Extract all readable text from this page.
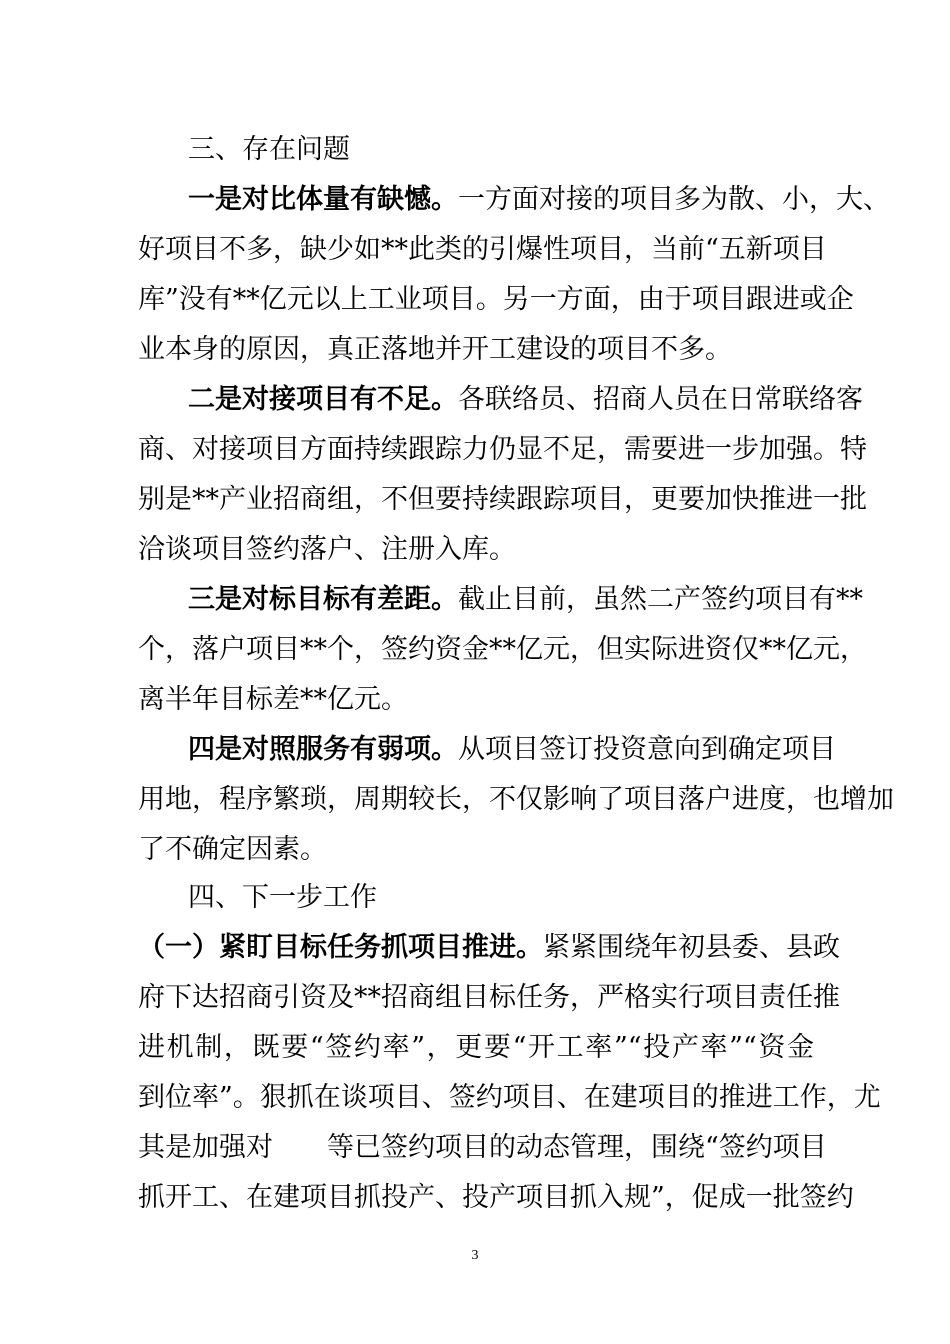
三、存在问题
一是对比体量有缺憾。一方面对接的项目多为散、小，大、
好项目不多，缺少如**此类的引爆性项目，当前“五新项目
库”没有**亿元以上工业项目。另一方面，由于项目跟进或企
业本身的原因，真正落地并开工建设的项目不多。
二是对接项目有不足。各联络员、招商人员在日常联络客
商、对接项目方面持续跟踪力仍显不足，需要进一步加强。特
别是**产业招商组，不但要持续跟踪项目，更要加快推进一批
洽谈项目签约落户、注册入库。
三是对标目标有差距。截止目前，虽然二产签约项目有**
个，落户项目**个，签约资金**亿元，但实际进资仅**亿元，
离半年目标差**亿元。
四是对照服务有弱项。从项目签订投资意向到确定项目
用地，程序繁琐，周期较长，不仅影响了项目落户进度，也增加
了不确定因素。
四、下一步工作
（一）紧盯目标任务抓项目推进。紧紧围绕年初县委、县政
府下达招商引资及**招商组目标任务，严格实行项目责任推
进机制，既要“签约率”，更要“开工率”“投产率”“资金
到位率”。狠抓在谈项目、签约项目、在建项目的推进工作，尤
其是加强对　　等已签约项目的动态管理，围绕“签约项目
抓开工、在建项目抓投产、投产项目抓入规”，促成一批签约
3
